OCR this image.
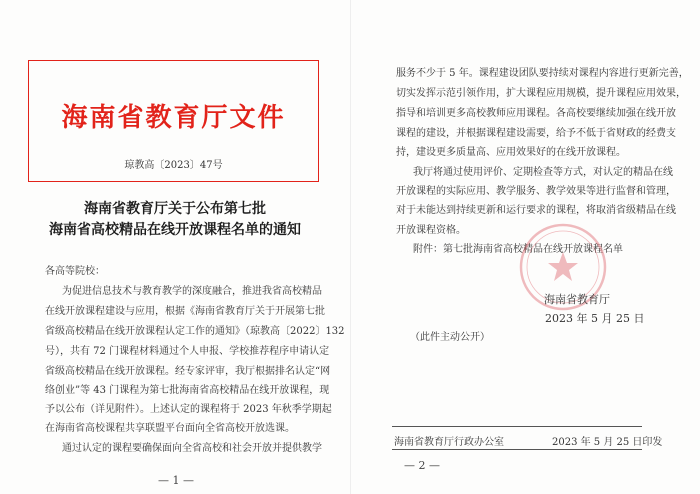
海南省教育厅文件
琼教高〔2023〕47号
海南省教育厅关于公布第七批
海南省高校精品在线开放课程名单的通知
各高等院校：
为促进信息技术与教育教学的深度融合，推进我省高校精品
在线开放课程建设与应用，根据《海南省教育厅关于开展第七批
省级高校精品在线开放课程认定工作的通知》（琼教高〔2022〕132
号），共有 72 门课程材料通过个人申报、学校推荐程序申请认定
省级高校精品在线开放课程。经专家评审，我厅根据排名认定“网
络创业”等 43 门课程为第七批海南省高校精品在线开放课程，现
予以公布（详见附件）。上述认定的课程将于 2023 年秋季学期起
在海南省高校课程共享联盟平台面向全省高校开放选课。
通过认定的课程要确保面向全省高校和社会开放并提供教学
— 1 —
服务不少于 5 年。课程建设团队要持续对课程内容进行更新完善，
切实发挥示范引领作用，扩大课程应用规模，提升课程应用效果，
指导和培训更多高校教师应用课程。各高校要继续加强在线开放
课程的建设，并根据课程建设需要，给予不低于省财政的经费支
持，建设更多质量高、应用效果好的在线开放课程。
我厅将通过使用评价、定期检查等方式，对认定的精品在线
开放课程的实际应用、教学服务、教学效果等进行监督和管理，
对于未能达到持续更新和运行要求的课程，将取消省级精品在线
开放课程资格。
附件：第七批海南省高校精品在线开放课程名单
海南省教育厅
2023 年 5 月 25 日
（此件主动公开）
海南省教育厅行政办公室	2023 年 5 月 25 日印发
— 2 —
